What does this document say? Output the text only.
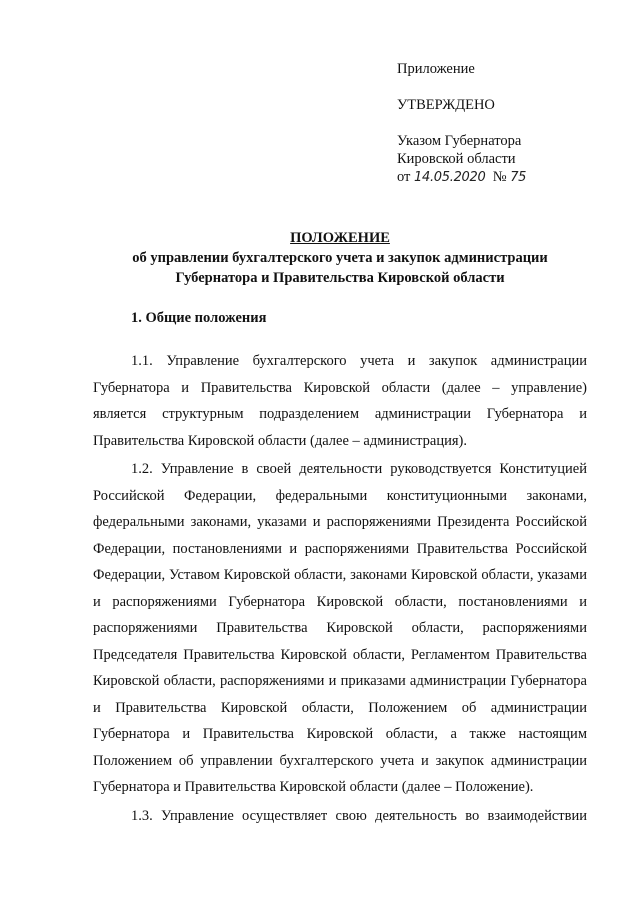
Приложение
УТВЕРЖДЕНО
Указом Губернатора
Кировской области
от 14.05.2020 № 75
ПОЛОЖЕНИЕ
об управлении бухгалтерского учета и закупок администрации
Губернатора и Правительства Кировской области
1. Общие положения

1.1. Управление бухгалтерского учета и закупок администрации Губернатора и Правительства Кировской области (далее – управление) является структурным подразделением администрации Губернатора и Правительства Кировской области (далее – администрация).

1.2. Управление в своей деятельности руководствуется Конституцией Российской Федерации, федеральными конституционными законами, федеральными законами, указами и распоряжениями Президента Российской Федерации, постановлениями и распоряжениями Правительства Российской Федерации, Уставом Кировской области, законами Кировской области, указами и распоряжениями Губернатора Кировской области, постановлениями и распоряжениями Правительства Кировской области, распоряжениями Председателя Правительства Кировской области, Регламентом Правительства Кировской области, распоряжениями и приказами администрации Губернатора и Правительства Кировской области, Положением об администрации Губернатора и Правительства Кировской области, а также настоящим Положением об управлении бухгалтерского учета и закупок администрации Губернатора и Правительства Кировской области (далее – Положение).

1.3. Управление осуществляет свою деятельность во взаимодействии
